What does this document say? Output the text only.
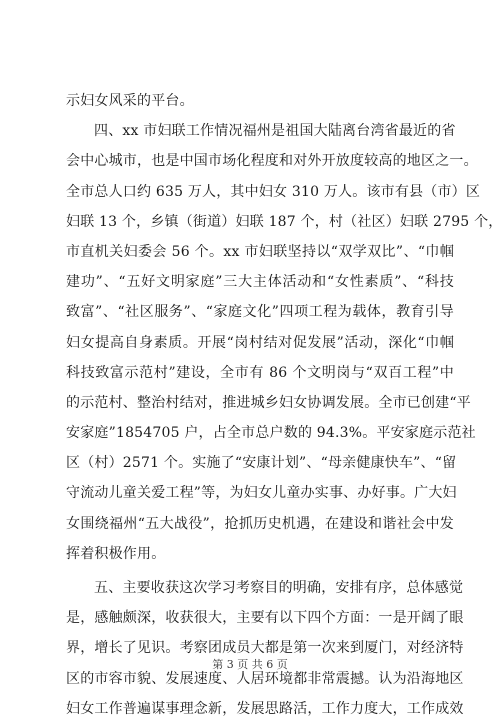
示妇女风采的平台。
四、xx 市妇联工作情况福州是祖国大陆离台湾省最近的省
会中心城市，也是中国市场化程度和对外开放度较高的地区之一。
全市总人口约 635 万人，其中妇女 310 万人。该市有县（市）区
妇联 13 个，乡镇（街道）妇联 187 个，村（社区）妇联 2795 个，
市直机关妇委会 56 个。xx 市妇联坚持以“双学双比”、“巾帼
建功”、“五好文明家庭”三大主体活动和“女性素质”、“科技
致富”、“社区服务”、“家庭文化”四项工程为载体，教育引导
妇女提高自身素质。开展“岗村结对促发展”活动，深化“巾帼
科技致富示范村”建设，全市有 86 个文明岗与“双百工程”中
的示范村、整治村结对，推进城乡妇女协调发展。全市已创建“平
安家庭”1854705 户，占全市总户数的 94.3%。平安家庭示范社
区（村）2571 个。实施了“安康计划”、“母亲健康快车”、“留
守流动儿童关爱工程”等，为妇女儿童办实事、办好事。广大妇
女围绕福州“五大战役”，抢抓历史机遇，在建设和谐社会中发
挥着积极作用。
五、主要收获这次学习考察目的明确，安排有序，总体感觉
是，感触颇深，收获很大，主要有以下四个方面：一是开阔了眼
界，增长了见识。考察团成员大都是第一次来到厦门，对经济特
区的市容市貌、发展速度、人居环境都非常震撼。认为沿海地区
妇女工作普遍谋事理念新，发展思路活，工作力度大，工作成效
第 3 页 共 6 页
